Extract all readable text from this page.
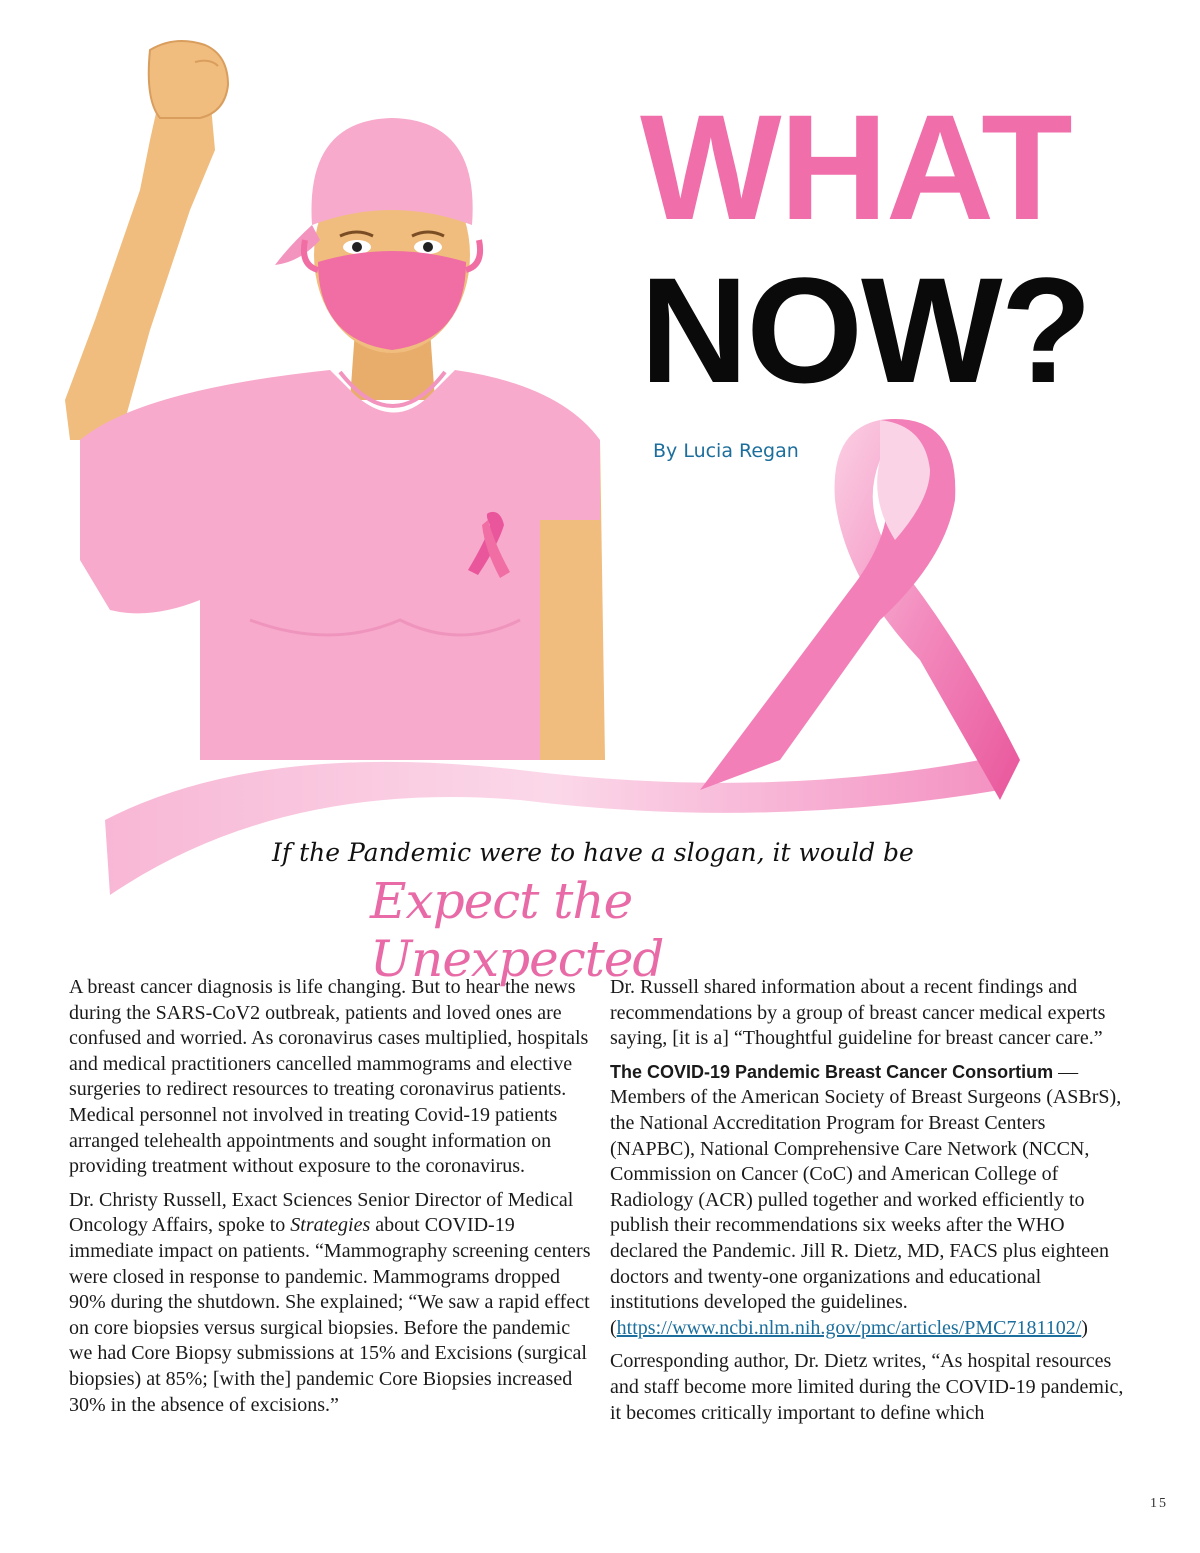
WHAT
NOW?
By Lucia Regan
If the Pandemic were to have a slogan, it would be
Expect the Unexpected

A breast cancer diagnosis is life changing. But to hear the news during the SARS-CoV2 outbreak, patients and loved ones are confused and worried. As coronavirus cases multiplied, hospitals and medical practitioners cancelled mammograms and elective surgeries to redirect resources to treating coronavirus patients. Medical personnel not involved in treating Covid-19 patients arranged telehealth appointments and sought information on providing treatment without exposure to the coronavirus.

Dr. Christy Russell, Exact Sciences Senior Director of Medical Oncology Affairs, spoke to Strategies about COVID-19 immediate impact on patients. “Mammography screening centers were closed in response to pandemic. Mammograms dropped 90% during the shutdown. She explained; “We saw a rapid effect on core biopsies versus surgical biopsies. Before the pandemic we had Core Biopsy submissions at 15% and Excisions (surgical biopsies) at 85%; [with the] pandemic Core Biopsies increased 30% in the absence of excisions.”

Dr. Russell shared information about a recent findings and recommendations by a group of breast cancer medical experts saying, [it is a] “Thoughtful guideline for breast cancer care.”

The COVID-19 Pandemic Breast Cancer Consortium —
Members of the American Society of Breast Surgeons (ASBrS), the National Accreditation Program for Breast Centers (NAPBC), National Comprehensive Care Network (NCCN, Commission on Cancer (CoC) and American College of Radiology (ACR) pulled together and worked efficiently to publish their recommendations six weeks after the WHO declared the Pandemic. Jill R. Dietz, MD, FACS plus eighteen doctors and twenty-one organizations and educational institutions developed the guidelines. (https://www.ncbi.nlm.nih.gov/pmc/articles/PMC7181102/)

Corresponding author, Dr. Dietz writes, “As hospital resources and staff become more limited during the COVID-19 pandemic, it becomes critically important to define which

15
